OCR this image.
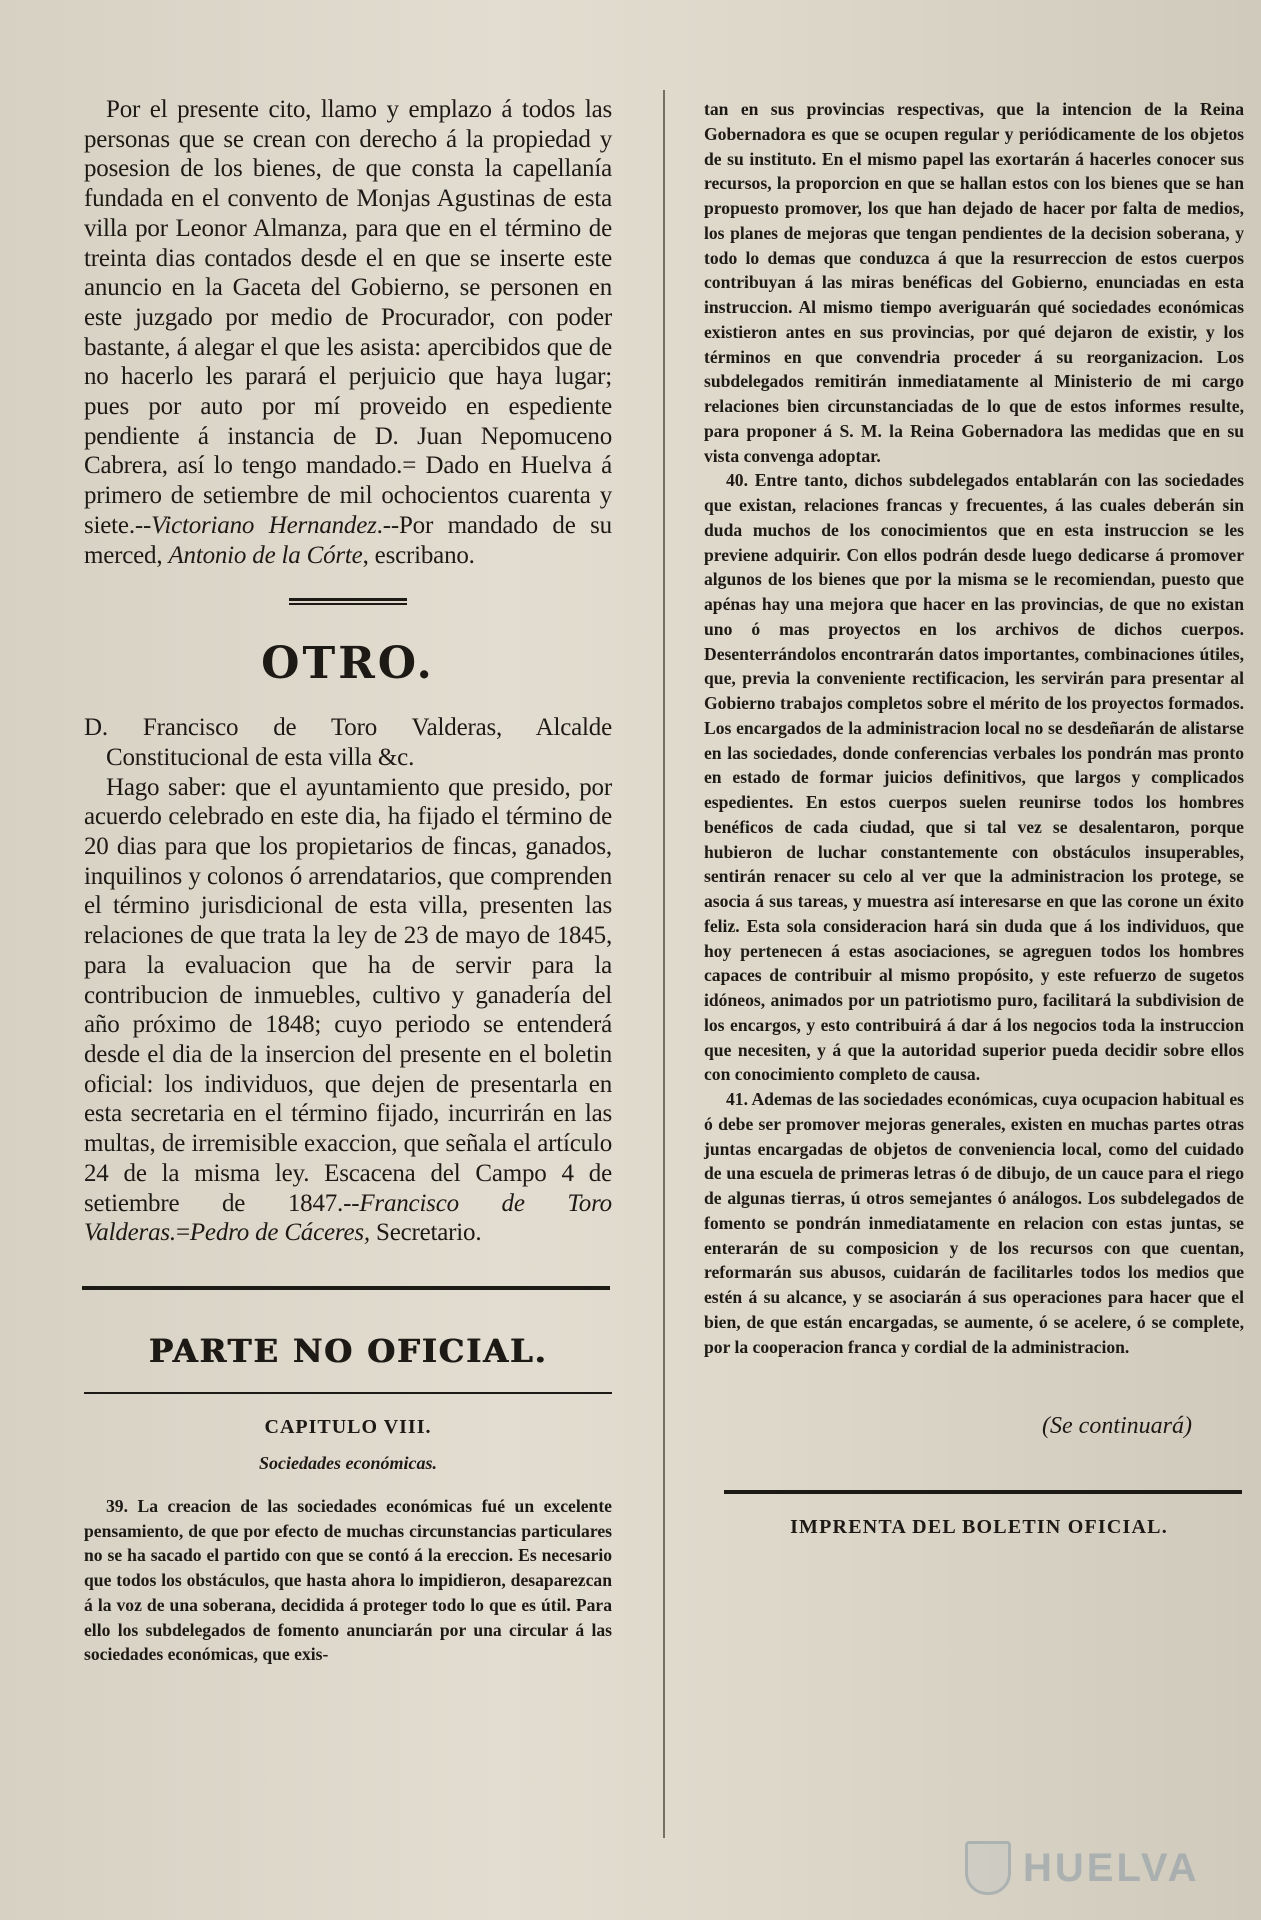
Por el presente cito, llamo y emplazo á todos las personas que se crean con derecho á la propiedad y posesion de los bienes, de que consta la capellanía fundada en el convento de Monjas Agustinas de esta villa por Leonor Almanza, para que en el término de treinta dias contados desde el en que se inserte este anuncio en la Gaceta del Gobierno, se personen en este juzgado por medio de Procurador, con poder bastante, á alegar el que les asista: apercibidos que de no hacerlo les parará el perjuicio que haya lugar; pues por auto por mí proveido en espediente pendiente á instancia de D. Juan Nepomuceno Cabrera, así lo tengo mandado.= Dado en Huelva á primero de setiembre de mil ochocientos cuarenta y siete.--Victoriano Hernandez.--Por mandado de su merced, Antonio de la Córte, escribano.

OTRO.

D. Francisco de Toro Valderas, Alcalde Constitucional de esta villa &c.

Hago saber: que el ayuntamiento que presido, por acuerdo celebrado en este dia, ha fijado el término de 20 dias para que los propietarios de fincas, ganados, inquilinos y colonos ó arrendatarios, que comprenden el término jurisdicional de esta villa, presenten las relaciones de que trata la ley de 23 de mayo de 1845, para la evaluacion que ha de servir para la contribucion de inmuebles, cultivo y ganadería del año próximo de 1848; cuyo periodo se entenderá desde el dia de la insercion del presente en el boletin oficial: los individuos, que dejen de presentarla en esta secretaria en el término fijado, incurrirán en las multas, de irremisible exaccion, que señala el artículo 24 de la misma ley. Escacena del Campo 4 de setiembre de 1847.--Francisco de Toro Valderas.=Pedro de Cáceres, Secretario.

PARTE NO OFICIAL.
CAPITULO VIII.
Sociedades económicas.

39. La creacion de las sociedades económicas fué un excelente pensamiento, de que por efecto de muchas circunstancias particulares no se ha sacado el partido con que se contó á la ereccion. Es necesario que todos los obstáculos, que hasta ahora lo impidieron, desaparezcan á la voz de una soberana, decidida á proteger todo lo que es útil. Para ello los subdelegados de fomento anunciarán por una circular á las sociedades económicas, que exis-

tan en sus provincias respectivas, que la intencion de la Reina Gobernadora es que se ocupen regular y periódicamente de los objetos de su instituto. En el mismo papel las exortarán á hacerles conocer sus recursos, la proporcion en que se hallan estos con los bienes que se han propuesto promover, los que han dejado de hacer por falta de medios, los planes de mejoras que tengan pendientes de la decision soberana, y todo lo demas que conduzca á que la resurreccion de estos cuerpos contribuyan á las miras benéficas del Gobierno, enunciadas en esta instruccion. Al mismo tiempo averiguarán qué sociedades económicas existieron antes en sus provincias, por qué dejaron de existir, y los términos en que convendria proceder á su reorganizacion. Los subdelegados remitirán inmediatamente al Ministerio de mi cargo relaciones bien circunstanciadas de lo que de estos informes resulte, para proponer á S. M. la Reina Gobernadora las medidas que en su vista convenga adoptar.

40. Entre tanto, dichos subdelegados entablarán con las sociedades que existan, relaciones francas y frecuentes, á las cuales deberán sin duda muchos de los conocimientos que en esta instruccion se les previene adquirir. Con ellos podrán desde luego dedicarse á promover algunos de los bienes que por la misma se le recomiendan, puesto que apénas hay una mejora que hacer en las provincias, de que no existan uno ó mas proyectos en los archivos de dichos cuerpos. Desenterrándolos encontrarán datos importantes, combinaciones útiles, que, previa la conveniente rectificacion, les servirán para presentar al Gobierno trabajos completos sobre el mérito de los proyectos formados. Los encargados de la administracion local no se desdeñarán de alistarse en las sociedades, donde conferencias verbales los pondrán mas pronto en estado de formar juicios definitivos, que largos y complicados espedientes. En estos cuerpos suelen reunirse todos los hombres benéficos de cada ciudad, que si tal vez se desalentaron, porque hubieron de luchar constantemente con obstáculos insuperables, sentirán renacer su celo al ver que la administracion los protege, se asocia á sus tareas, y muestra así interesarse en que las corone un éxito feliz. Esta sola consideracion hará sin duda que á los individuos, que hoy pertenecen á estas asociaciones, se agreguen todos los hombres capaces de contribuir al mismo propósito, y este refuerzo de sugetos idóneos, animados por un patriotismo puro, facilitará la subdivision de los encargos, y esto contribuirá á dar á los negocios toda la instruccion que necesiten, y á que la autoridad superior pueda decidir sobre ellos con conocimiento completo de causa.

41. Ademas de las sociedades económicas, cuya ocupacion habitual es ó debe ser promover mejoras generales, existen en muchas partes otras juntas encargadas de objetos de conveniencia local, como del cuidado de una escuela de primeras letras ó de dibujo, de un cauce para el riego de algunas tierras, ú otros semejantes ó análogos. Los subdelegados de fomento se pondrán inmediatamente en relacion con estas juntas, se enterarán de su composicion y de los recursos con que cuentan, reformarán sus abusos, cuidarán de facilitarles todos los medios que estén á su alcance, y se asociarán á sus operaciones para hacer que el bien, de que están encargadas, se aumente, ó se acelere, ó se complete, por la cooperacion franca y cordial de la administracion.

(Se continuará)
IMPRENTA DEL BOLETIN OFICIAL.
HUELVA
